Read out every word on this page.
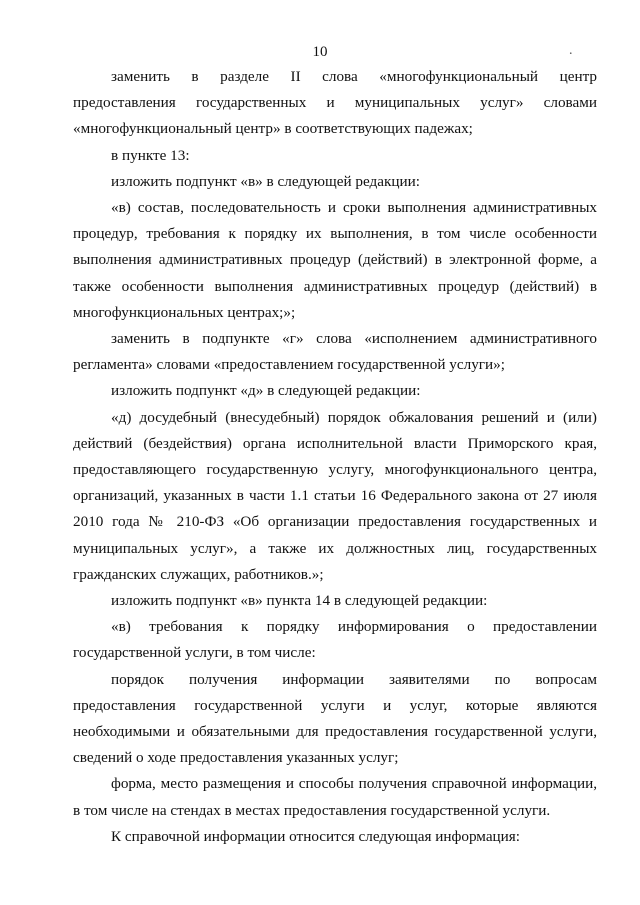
10	.

заменить в разделе II слова «многофункциональный центр предоставления государственных и муниципальных услуг» словами «многофункциональный центр» в соответствующих падежах;

в пункте 13:

изложить подпункт «в» в следующей редакции:

«в) состав, последовательность и сроки выполнения административных процедур, требования к порядку их выполнения, в том числе особенности выполнения административных процедур (действий) в электронной форме, а также особенности выполнения административных процедур (действий) в многофункциональных центрах;»;

заменить в подпункте «г» слова «исполнением административного регламента» словами «предоставлением государственной услуги»;

изложить подпункт «д» в следующей редакции:

«д) досудебный (внесудебный) порядок обжалования решений и (или) действий (бездействия) органа исполнительной власти Приморского края, предоставляющего государственную услугу, многофункционального центра, организаций, указанных в части 1.1 статьи 16 Федерального закона от 27 июля 2010 года № 210-ФЗ «Об организации предоставления государственных и муниципальных услуг», а также их должностных лиц, государственных гражданских служащих, работников.»;

изложить подпункт «в» пункта 14 в следующей редакции:

«в) требования к порядку информирования о предоставлении государственной услуги, в том числе:

порядок получения информации заявителями по вопросам предоставления государственной услуги и услуг, которые являются необходимыми и обязательными для предоставления государственной услуги, сведений о ходе предоставления указанных услуг;

форма, место размещения и способы получения справочной информации, в том числе на стендах в местах предоставления государственной услуги.

К справочной информации относится следующая информация:
